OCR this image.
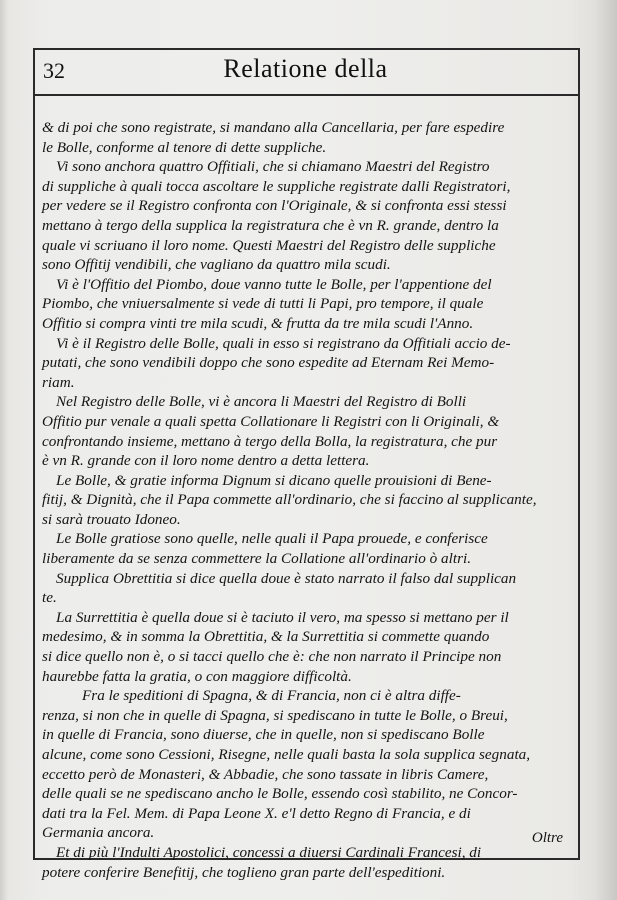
32	Relatione della
& di poi che sono registrate, si mandano alla Cancellaria, per fare espedire
le Bolle, conforme al tenore di dette suppliche.
Vi sono anchora quattro Offitiali, che si chiamano Maestri del Registro
di suppliche à quali tocca ascoltare le suppliche registrate dalli Registratori,
per vedere se il Registro confronta con l'Originale, & si confronta essi stessi
mettano à tergo della supplica la registratura che è vn R. grande, dentro la
quale vi scriuano il loro nome. Questi Maestri del Registro delle suppliche
sono Offitij vendibili, che vagliano da quattro mila scudi.
Vi è l'Offitio del Piombo, doue vanno tutte le Bolle, per l'appentione del
Piombo, che vniuersalmente si vede di tutti li Papi, pro tempore, il quale
Offitio si compra vinti tre mila scudi, & frutta da tre mila scudi l'Anno.
Vi è il Registro delle Bolle, quali in esso si registrano da Offitiali accio de-
putati, che sono vendibili doppo che sono espedite ad Eternam Rei Memo-
riam.
Nel Registro delle Bolle, vi è ancora li Maestri del Registro di Bolli
Offitio pur venale a quali spetta Collationare li Registri con li Originali, &
confrontando insieme, mettano à tergo della Bolla, la registratura, che pur
è vn R. grande con il loro nome dentro a detta lettera.
Le Bolle, & gratie informa Dignum si dicano quelle prouisioni di Bene-
fitij, & Dignità, che il Papa commette all'ordinario, che si faccino al supplicante,
si sarà trouato Idoneo.
Le Bolle gratiose sono quelle, nelle quali il Papa prouede, e conferisce
liberamente da se senza commettere la Collatione all'ordinario ò altri.
Supplica Obrettitia si dice quella doue è stato narrato il falso dal supplican
te.
La Surrettitia è quella doue si è taciuto il vero, ma spesso si mettano per il
medesimo, & in somma la Obrettitia, & la Surrettitia si commette quando
si dice quello non è, o si tacci quello che è: che non narrato il Principe non
haurebbe fatta la gratia, o con maggiore difficoltà.
Fra le speditioni di Spagna, & di Francia, non ci è altra diffe-
renza, si non che in quelle di Spagna, si spediscano in tutte le Bolle, o Breui,
in quelle di Francia, sono diuerse, che in quelle, non si spediscano Bolle
alcune, come sono Cessioni, Risegne, nelle quali basta la sola supplica segnata,
eccetto però de Monasteri, & Abbadie, che sono tassate in libris Camere,
delle quali se ne spediscano ancho le Bolle, essendo così stabilito, ne Concor-
dati tra la Fel. Mem. di Papa Leone X. e'l detto Regno di Francia, e di
Germania ancora.
Et di più l'Indulti Apostolici, concessi a diuersi Cardinali Francesi, di
potere conferire Benefitij, che toglieno gran parte dell'espeditioni.
Oltre
